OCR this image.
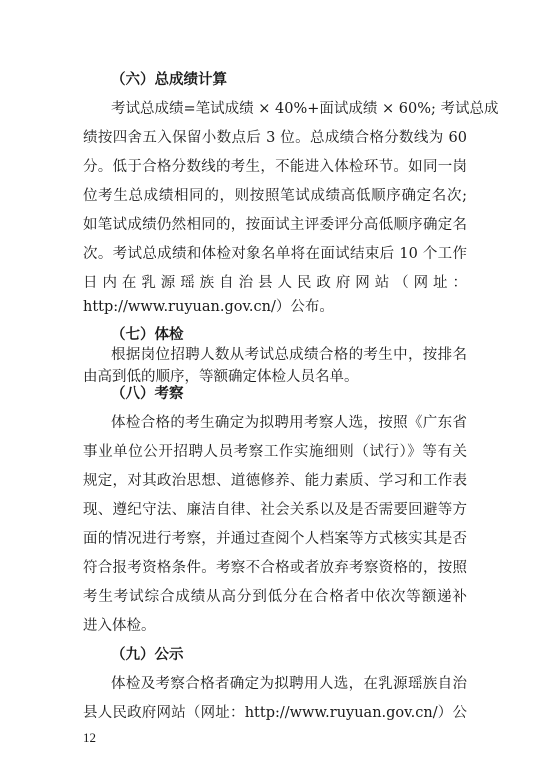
（六）总成绩计算
考试总成绩=笔试成绩 × 40%+面试成绩 × 60%; 考试总成
绩按四舍五入保留小数点后 3 位。总成绩合格分数线为 60
分。低于合格分数线的考生，不能进入体检环节。如同一岗
位考生总成绩相同的，则按照笔试成绩高低顺序确定名次;
如笔试成绩仍然相同的，按面试主评委评分高低顺序确定名
次。考试总成绩和体检对象名单将在面试结束后 10 个工作
日内在乳源瑶族自治县人民政府网站（网址：
http://www.ruyuan.gov.cn/）公布。
（七）体检
根据岗位招聘人数从考试总成绩合格的考生中，按排名
由高到低的顺序，等额确定体检人员名单。
（八）考察
体检合格的考生确定为拟聘用考察人选，按照《广东省
事业单位公开招聘人员考察工作实施细则（试行）》等有关
规定，对其政治思想、道德修养、能力素质、学习和工作表
现、遵纪守法、廉洁自律、社会关系以及是否需要回避等方
面的情况进行考察，并通过查阅个人档案等方式核实其是否
符合报考资格条件。考察不合格或者放弃考察资格的，按照
考生考试综合成绩从高分到低分在合格者中依次等额递补
进入体检。
（九）公示
12
体检及考察合格者确定为拟聘用人选，在乳源瑶族自治
县人民政府网站（网址：http://www.ruyuan.gov.cn/）公
